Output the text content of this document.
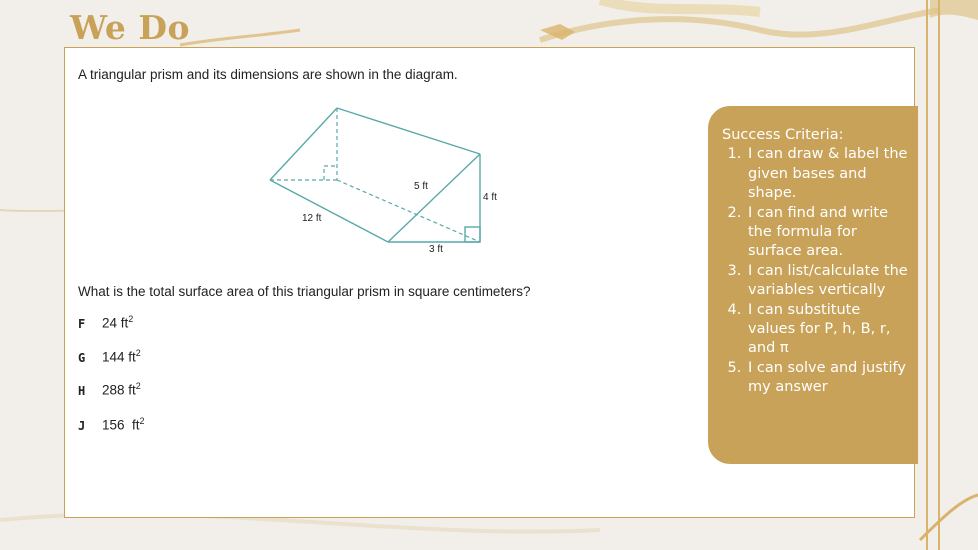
We Do
A triangular prism and its dimensions are shown in the diagram.
5 ft
4 ft
12 ft
3 ft
What is the total surface area of this triangular prism in square centimeters?
F 24 $ft^2$
G 144 $ft^2$
H 288 $ft^2$
J 156  $ft^2$
Success Criteria:
1. I can draw & label the given bases and shape.
2. I can find and write the formula for surface area.
3. I can list/calculate the variables vertically
4. I can substitute values for P, h, B, r, and π
5. I can solve and justify my answer
